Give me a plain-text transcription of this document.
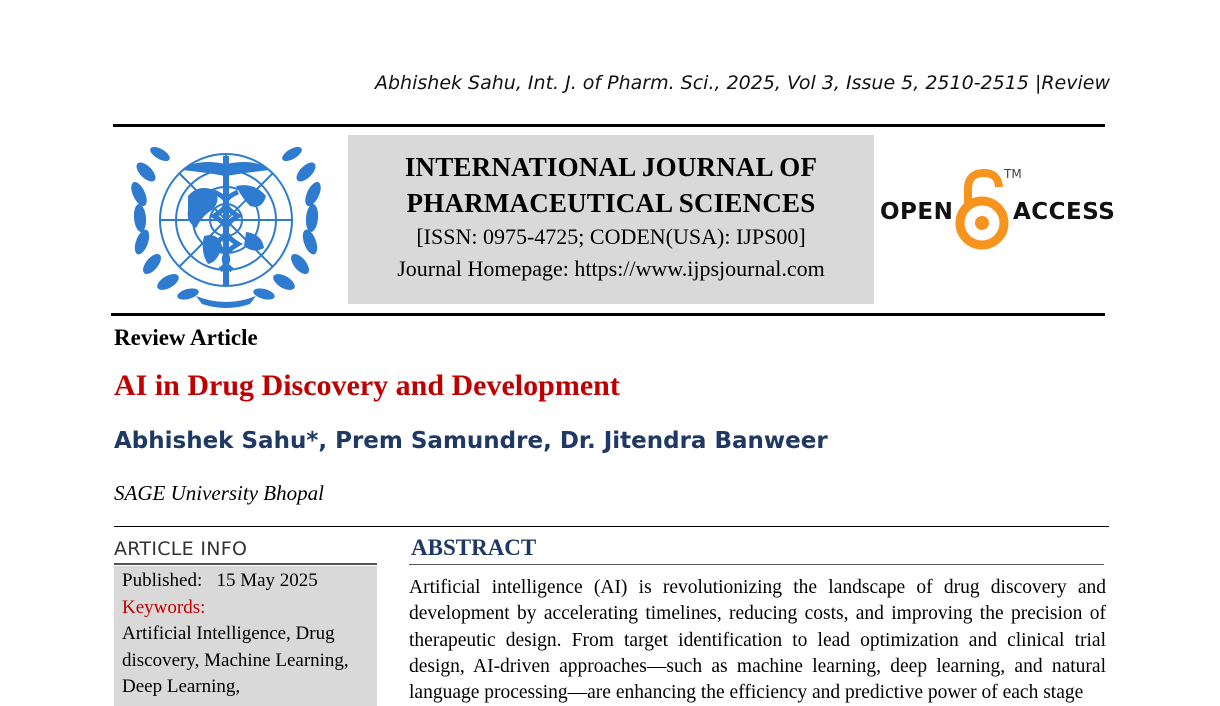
Abhishek Sahu, Int. J. of Pharm. Sci., 2025, Vol 3, Issue 5, 2510-2515 |Review
INTERNATIONAL JOURNAL OF
PHARMACEUTICAL SCIENCES
[ISSN: 0975-4725; CODEN(USA): IJPS00]
Journal Homepage: https://www.ijpsjournal.com
OPEN
TM
ACCESS
Review Article
AI in Drug Discovery and Development
Abhishek Sahu*, Prem Samundre, Dr. Jitendra Banweer
SAGE University Bhopal
ARTICLE INFO
Published: 15 May 2025
Keywords:
Artificial Intelligence, Drug discovery, Machine Learning, Deep Learning,
ABSTRACT
Artificial intelligence (AI) is revolutionizing the landscape of drug discovery and development by accelerating timelines, reducing costs, and improving the precision of therapeutic design. From target identification to lead optimization and clinical trial design, AI-driven approaches—such as machine learning, deep learning, and natural language processing—are enhancing the efficiency and predictive power of each stage
